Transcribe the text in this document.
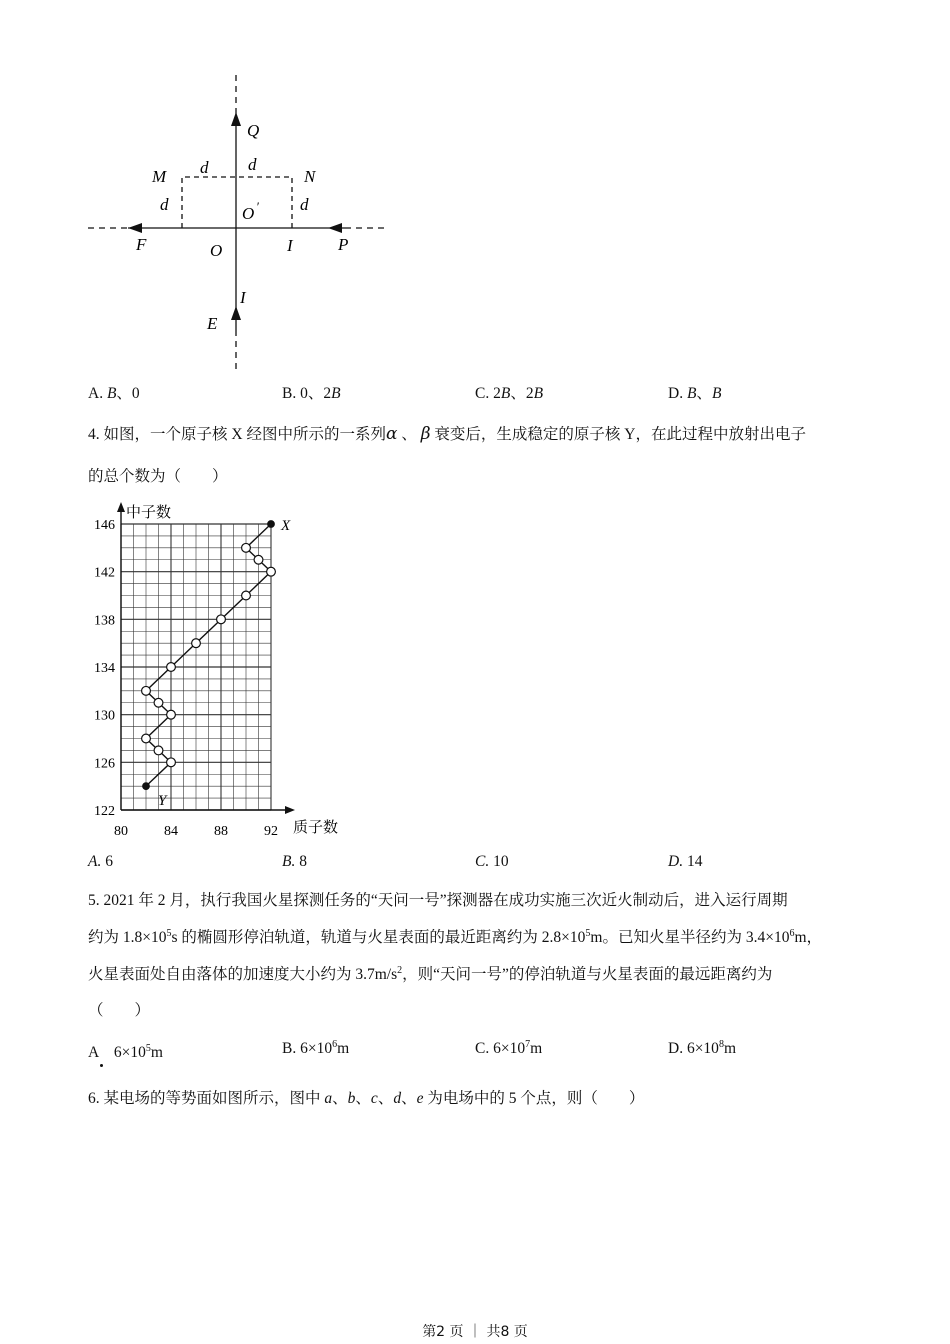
Q
M d d
N
d	O ′ d
F	O	I	P
I
E
A. B、0	B. 0、2B	C. 2B、2B	D. B、B
4. 如图，一个原子核 X 经图中所示的一系列α 、 β 衰变后，生成稳定的原子核 Y，在此过程中放射出电子
的总个数为（　　）
146
142
138
134
130
126
122
80	84	88	92
中子数
质子数
X
Y
A. 6	B. 8	C. 10	D. 14
5. 2021 年 2 月，执行我国火星探测任务的“天问一号”探测器在成功实施三次近火制动后，进入运行周期
约为 $1.8\times 10^5s$ 的椭圆形停泊轨道，轨道与火星表面的最近距离约为 $2.8\times 10^5m$。已知火星半径约为 $3.4\times 10^6m$，
火星表面处自由落体的加速度大小约为 $3.7m/s^2$，则“天问一号”的停泊轨道与火星表面的最远距离约为
（　　）
A　$6\times 10^5m$	B. $6\times 10^6m$	C. $6\times 10^7m$	D. $6\times 10^8m$
6. 某电场的等势面如图所示，图中 a、b、c、d、e 为电场中的 5 个点，则（　　）
第2 页 ｜ 共8 页
